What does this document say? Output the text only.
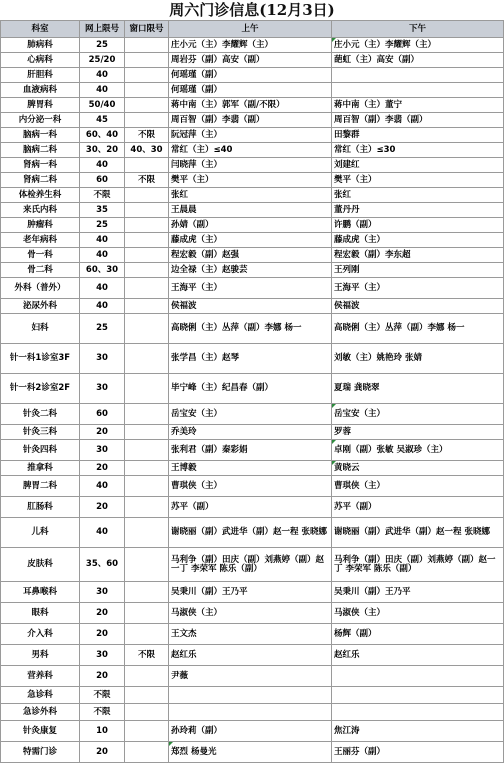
周六门诊信息(12月3日)
科室	网上限号	窗口限号	上午	下午
肺病科	25		庄小元（主）李耀辉（主）	庄小元（主）李耀辉（主）
心病科	25/20		周岩芬（副）高安（副）	葩虹（主）高安（副）
肝胆科	40		何瑶瑾（副）	
血液病科	40		何瑶瑾（副）	
脾胃科	50/40		蒋中南（主）郭军（副/不限）	蒋中南（主）董宁
内分泌一科	45		周百智（副）李翡（副）	周百智（副）李翡（副）
脑病一科	60、40	不限	阮冠萍（主）	田黎群
脑病二科	30、20	40、30	常红（主）≤40	常红（主）≤30
肾病一科	40		闫晓萍（主）	刘建红
肾病二科	60	不限	樊平（主）	樊平（主）
体检养生科	不限		张红	张红
来氏内科	35		王晨晨	董丹丹
肿瘤科	25		孙婧（副）	许鹏（副）
老年病科	40		藤成虎（主）	藤成虎（主）
骨一科	40		程宏毅（副）赵强	程宏毅（副）李东超
骨二科	60、30		边全禄（主）赵骏芸	王列刚
外科（普外）	40		王海平（主）	王海平（主）
泌尿外科	40		侯福波	侯福波
妇科	25		高晓俐（主）丛萍（副）李娜 杨一	高晓俐（主）丛萍（副）李娜 杨一
针一科1诊室3F	30		张学昌（主）赵琴	刘敏（主）姚艳玲 张婧
针一科2诊室2F	30		毕宁峰（主）纪昌春（副）	夏瑞 龚晓翠
针灸二科	60		岳宝安（主）	岳宝安（主）
针灸三科	20		乔美玲	罗蓉
针灸四科	30		张利君（副）秦彩娟	卓刚（副）张敏 吴淑珍（主）
推拿科	20		王博毅	黄晓云
脾胃二科	40		曹琪侠（主）	曹琪侠（主）
肛肠科	20		苏平（副）	苏平（副）
儿科	40		谢晓丽（副）武进华（副）赵一程 张晓娜	谢晓丽（副）武进华（副）赵一程 张晓娜
皮肤科	35、60		马利争（副）田庆（副）刘燕婷（副）赵一丁 李荣军 陈乐（副）	马利争（副）田庆（副）刘燕婷（副）赵一丁 李荣军 陈乐（副）
耳鼻喉科	30		吴秉川（副）王乃平	吴秉川（副）王乃平
眼科	20		马淑侠（主）	马淑侠（主）
介入科	20		王文杰	杨辉（副）
男科	30	不限	赵红乐	赵红乐
营养科	20		尹薇	
急诊科	不限			
急诊外科	不限			
针灸康复	10		孙玲莉（副）	焦江涛
特需门诊	20		郑烈 杨曼光	王丽芬（副）
